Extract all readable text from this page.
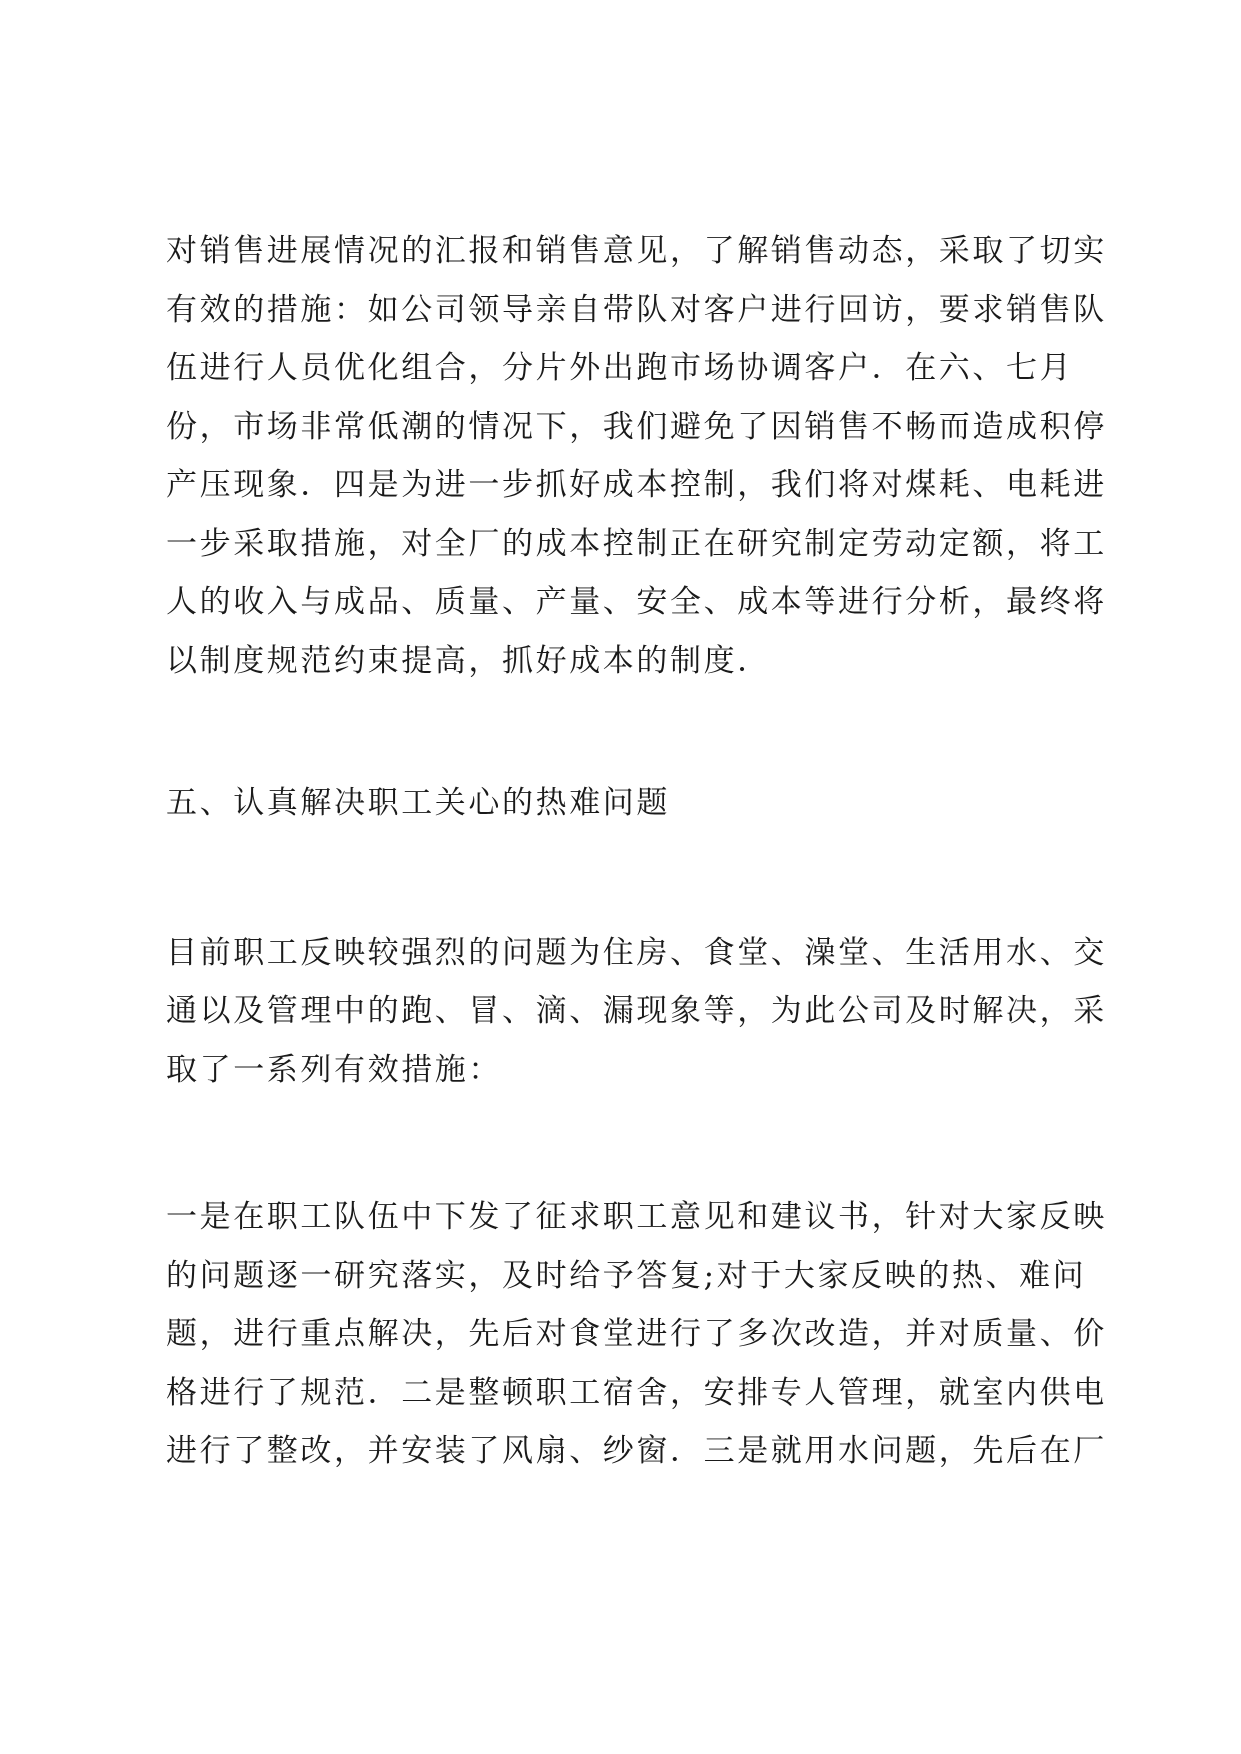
对销售进展情况的汇报和销售意见，了解销售动态，采取了切实
有效的措施：如公司领导亲自带队对客户进行回访，要求销售队
伍进行人员优化组合，分片外出跑市场协调客户．在六、七月
份，市场非常低潮的情况下，我们避免了因销售不畅而造成积停
产压现象．四是为进一步抓好成本控制，我们将对煤耗、电耗进
一步采取措施，对全厂的成本控制正在研究制定劳动定额，将工
人的收入与成品、质量、产量、安全、成本等进行分析，最终将
以制度规范约束提高，抓好成本的制度．
五、认真解决职工关心的热难问题
目前职工反映较强烈的问题为住房、食堂、澡堂、生活用水、交
通以及管理中的跑、冒、滴、漏现象等，为此公司及时解决，采
取了一系列有效措施：
一是在职工队伍中下发了征求职工意见和建议书，针对大家反映
的问题逐一研究落实，及时给予答复;对于大家反映的热、难问
题，进行重点解决，先后对食堂进行了多次改造，并对质量、价
格进行了规范．二是整顿职工宿舍，安排专人管理，就室内供电
进行了整改，并安装了风扇、纱窗．三是就用水问题，先后在厂
